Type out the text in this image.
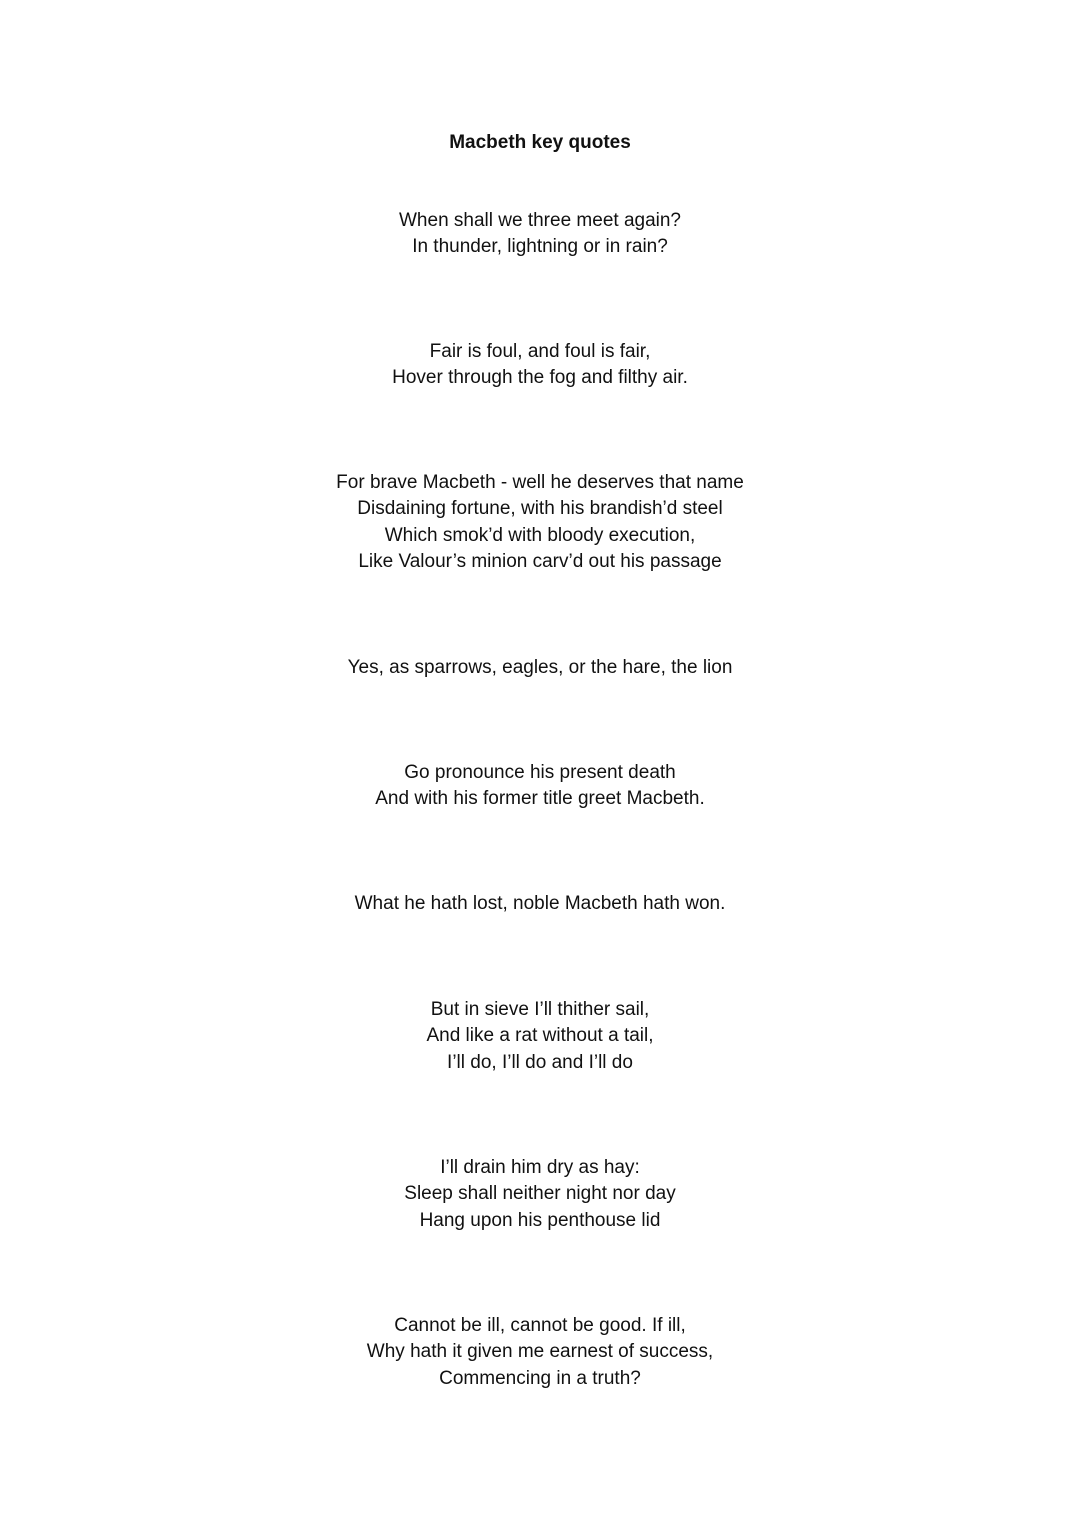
Macbeth key quotes
When shall we three meet again?
In thunder, lightning or in rain?
Fair is foul, and foul is fair,
Hover through the fog and filthy air.
For brave Macbeth - well he deserves that name
Disdaining fortune, with his brandish’d steel
Which smok’d with bloody execution,
Like Valour’s minion carv’d out his passage
Yes, as sparrows, eagles, or the hare, the lion
Go pronounce his present death
And with his former title greet Macbeth.
What he hath lost, noble Macbeth hath won.
But in sieve I’ll thither sail,
And like a rat without a tail,
I’ll do, I’ll do and I’ll do
I’ll drain him dry as hay:
Sleep shall neither night nor day
Hang upon his penthouse lid
Cannot be ill, cannot be good. If ill,
Why hath it given me earnest of success,
Commencing in a truth?
